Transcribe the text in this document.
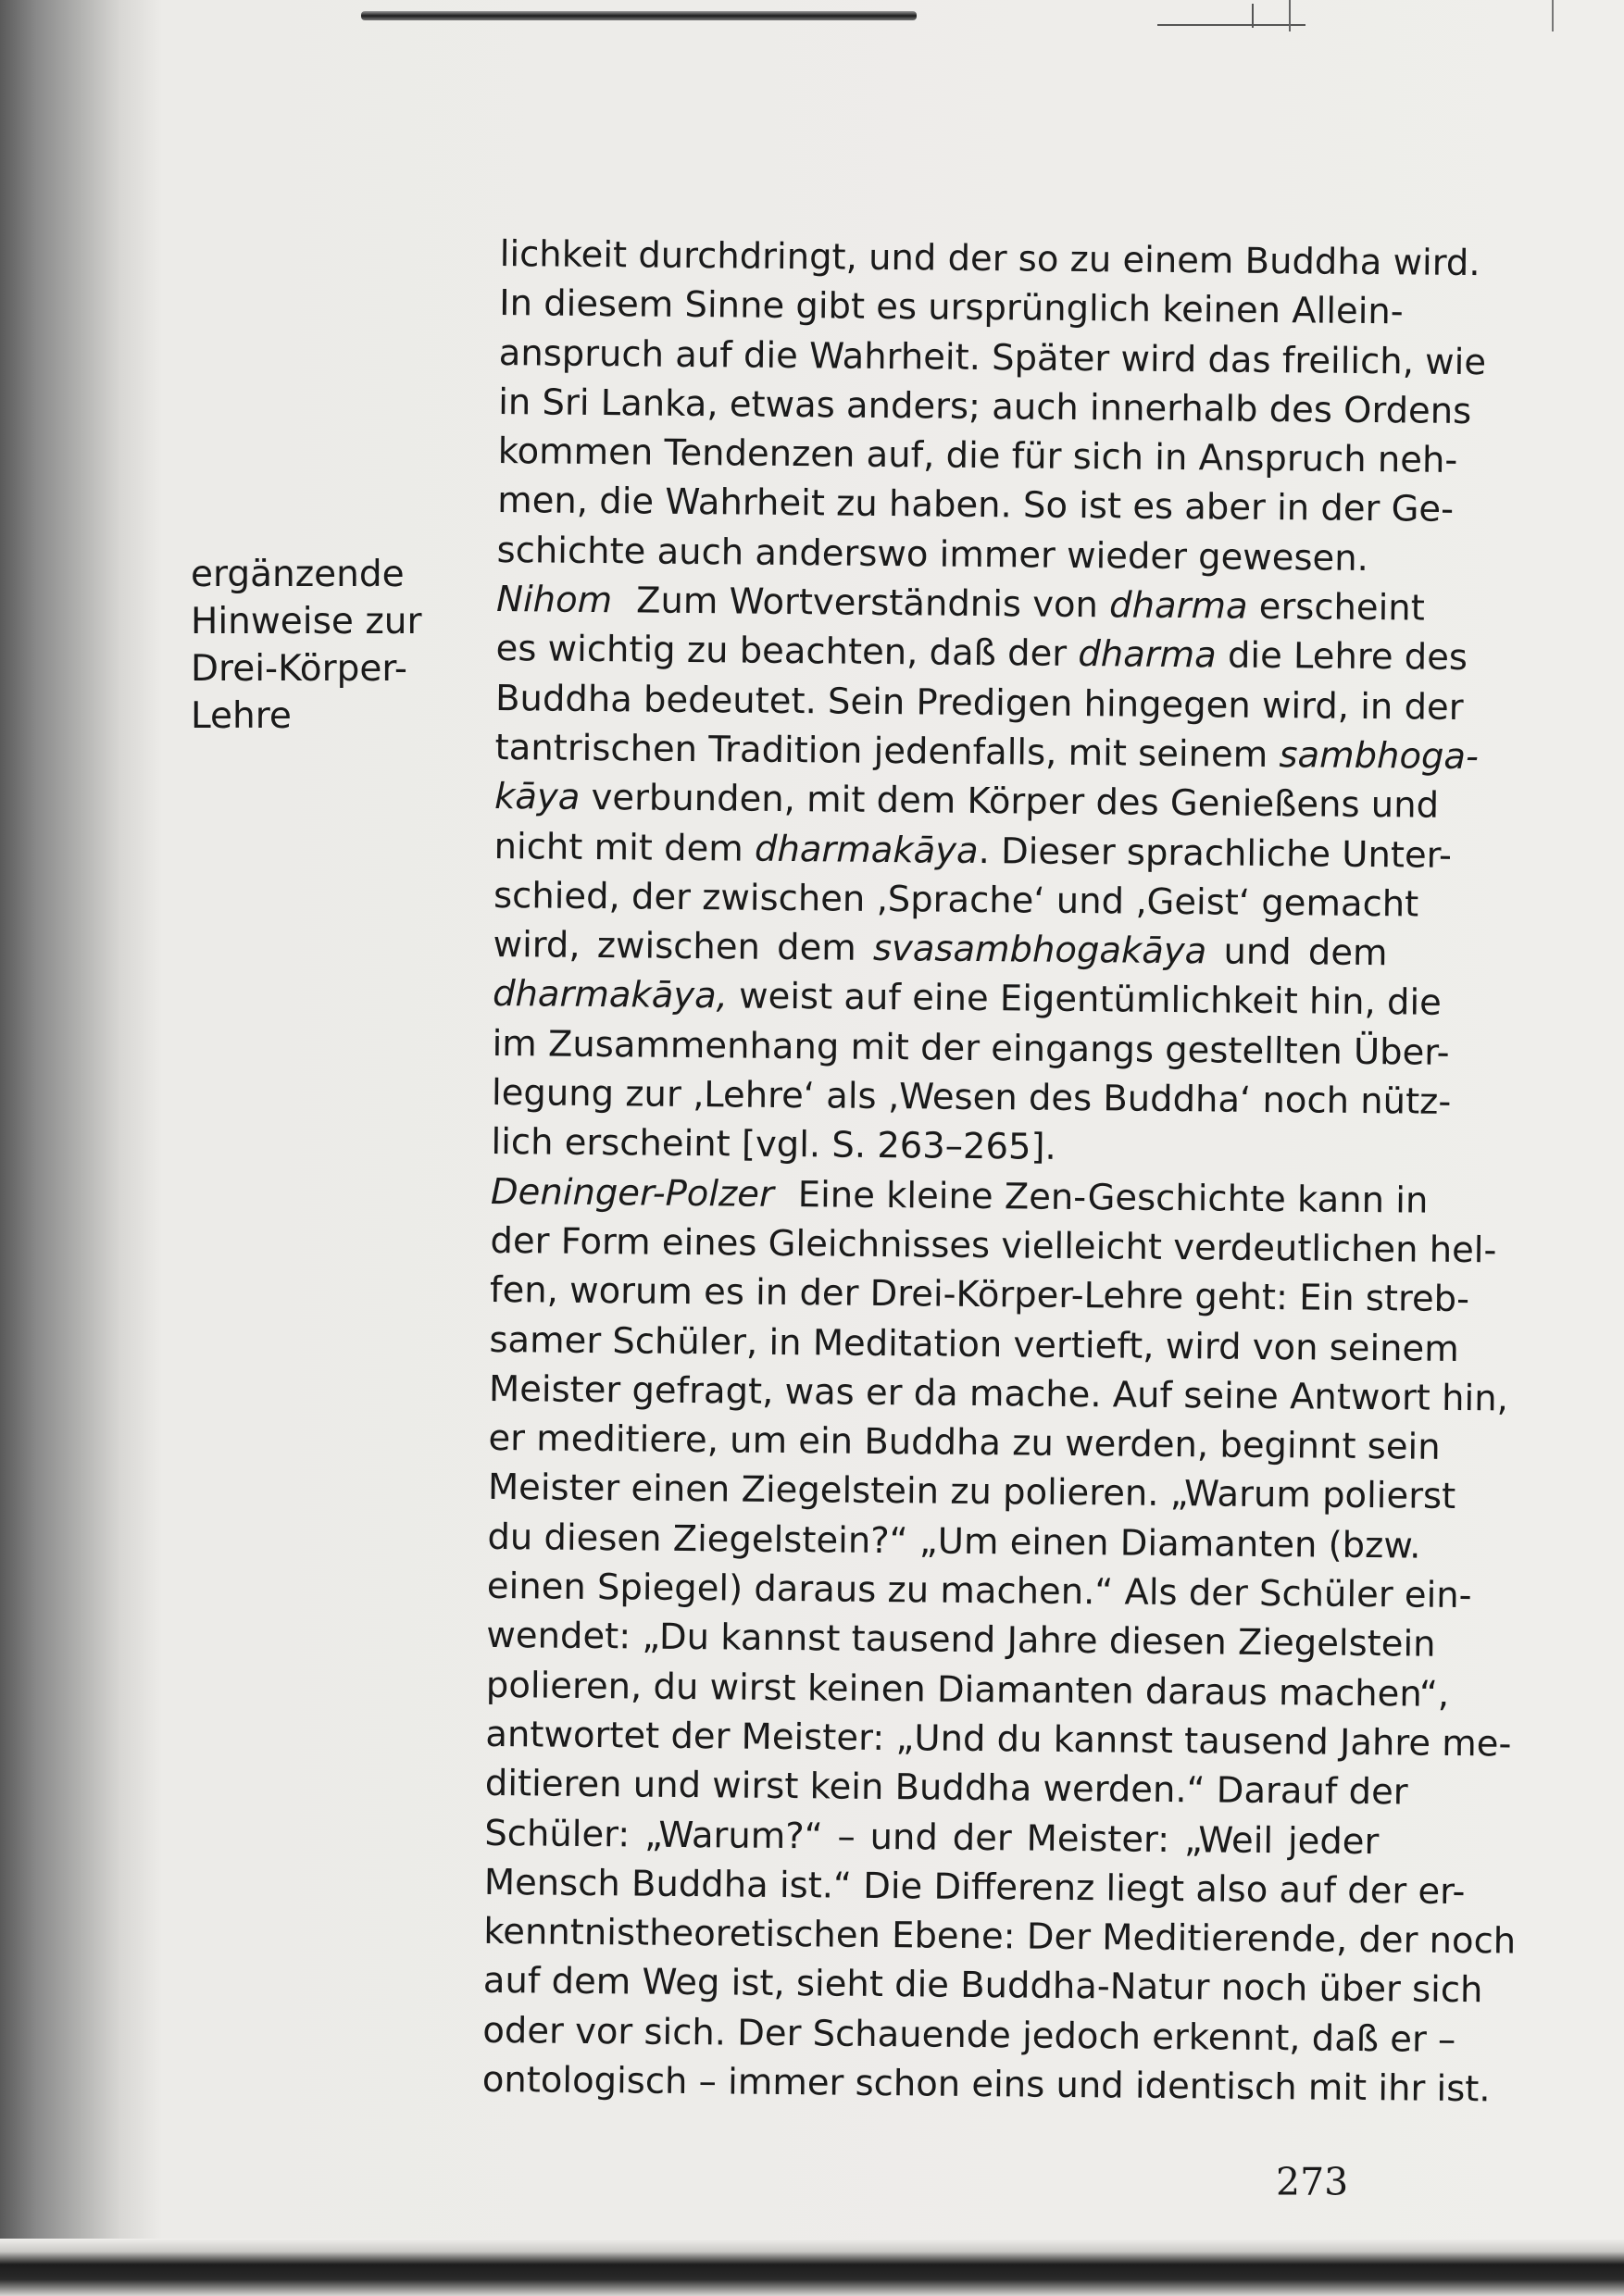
ergänzende
Hinweise zur
Drei-Körper-
Lehre
lichkeit durchdringt, und der so zu einem Buddha wird.
In diesem Sinne gibt es ursprünglich keinen Allein-
anspruch auf die Wahrheit. Später wird das freilich, wie
in Sri Lanka, etwas anders; auch innerhalb des Ordens
kommen Tendenzen auf, die für sich in Anspruch neh-
men, die Wahrheit zu haben. So ist es aber in der Ge-
schichte auch anderswo immer wieder gewesen.
Nihom Zum Wortverständnis von dharma erscheint
es wichtig zu beachten, daß der dharma die Lehre des
Buddha bedeutet. Sein Predigen hingegen wird, in der
tantrischen Tradition jedenfalls, mit seinem sambhoga-
kāya verbunden, mit dem Körper des Genießens und
nicht mit dem dharmakāya. Dieser sprachliche Unter-
schied, der zwischen ‚Sprache‘ und ‚Geist‘ gemacht
wird, zwischen dem svasambhogakāya und dem
dharmakāya, weist auf eine Eigentümlichkeit hin, die
im Zusammenhang mit der eingangs gestellten Über-
legung zur ‚Lehre‘ als ‚Wesen des Buddha‘ noch nütz-
lich erscheint [vgl. S. 263–265].
Deninger-Polzer Eine kleine Zen-Geschichte kann in
der Form eines Gleichnisses vielleicht verdeutlichen hel-
fen, worum es in der Drei-Körper-Lehre geht: Ein streb-
samer Schüler, in Meditation vertieft, wird von seinem
Meister gefragt, was er da mache. Auf seine Antwort hin,
er meditiere, um ein Buddha zu werden, beginnt sein
Meister einen Ziegelstein zu polieren. „Warum polierst
du diesen Ziegelstein?“ „Um einen Diamanten (bzw.
einen Spiegel) daraus zu machen.“ Als der Schüler ein-
wendet: „Du kannst tausend Jahre diesen Ziegelstein
polieren, du wirst keinen Diamanten daraus machen“,
antwortet der Meister: „Und du kannst tausend Jahre me-
ditieren und wirst kein Buddha werden.“ Darauf der
Schüler: „Warum?“ – und der Meister: „Weil jeder
Mensch Buddha ist.“ Die Differenz liegt also auf der er-
kenntnistheoretischen Ebene: Der Meditierende, der noch
auf dem Weg ist, sieht die Buddha-Natur noch über sich
oder vor sich. Der Schauende jedoch erkennt, daß er –
ontologisch – immer schon eins und identisch mit ihr ist.
273
